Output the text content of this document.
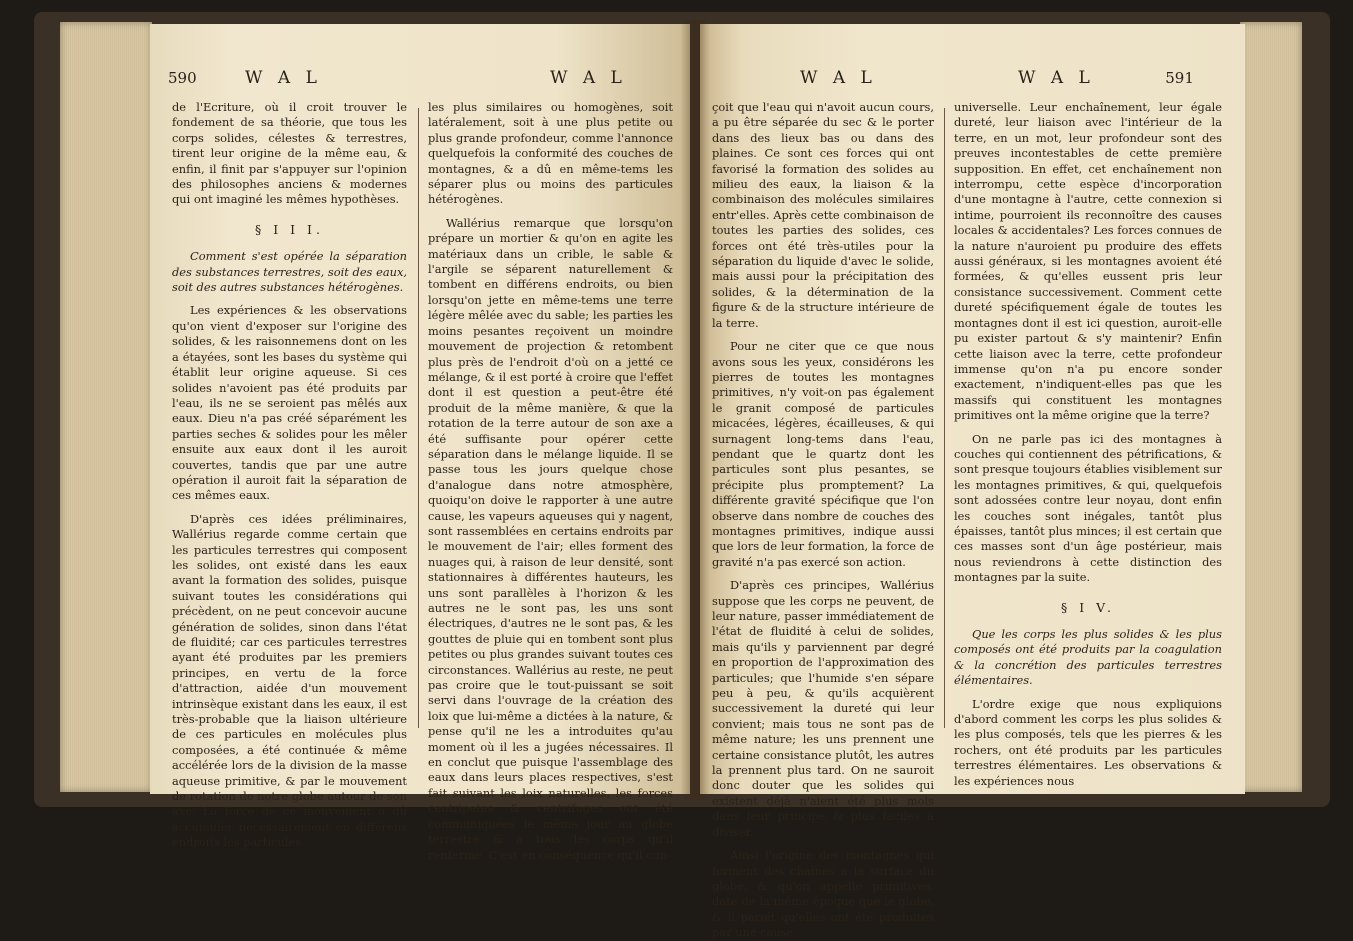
590	W A L	W A L

de l'Ecriture, où il croit trouver le fondement de sa théorie, que tous les corps solides, célestes & terrestres, tirent leur origine de la même eau, & enfin, il finit par s'appuyer sur l'opinion des philosophes anciens & modernes qui ont imaginé les mêmes hypothèses.

§ I I I.

Comment s'est opérée la séparation des substances terrestres, soit des eaux, soit des autres substances hétérogènes.

Les expériences & les observations qu'on vient d'exposer sur l'origine des solides, & les raisonnemens dont on les a étayées, sont les bases du système qui établit leur origine aqueuse. Si ces solides n'avoient pas été produits par l'eau, ils ne se seroient pas mêlés aux eaux. Dieu n'a pas créé séparément les parties seches & solides pour les mêler ensuite aux eaux dont il les auroit couvertes, tandis que par une autre opération il auroit fait la séparation de ces mêmes eaux.

D'après ces idées préliminaires, Wallérius regarde comme certain que les particules terrestres qui composent les solides, ont existé dans les eaux avant la formation des solides, puisque suivant toutes les considérations qui précèdent, on ne peut concevoir aucune génération de solides, sinon dans l'état de fluidité; car ces particules terrestres ayant été produites par les premiers principes, en vertu de la force d'attraction, aidée d'un mouvement intrinsèque existant dans les eaux, il est très-probable que la liaison ultérieure de ces particules en molécules plus composées, a été continuée & même accélérée lors de la division de la masse aqueuse primitive, & par le mouvement de rotation de notre globe autour de son axe. La force de ce mouvement a dû accumuler nécessairement en différens endroits les particules

les plus similaires ou homogènes, soit latéralement, soit à une plus petite ou plus grande profondeur, comme l'annonce quelquefois la conformité des couches de montagnes, & a dû en même-tems les séparer plus ou moins des particules hétérogènes.

Wallérius remarque que lorsqu'on prépare un mortier & qu'on en agite les matériaux dans un crible, le sable & l'argile se séparent naturellement & tombent en différens endroits, ou bien lorsqu'on jette en même-tems une terre légère mêlée avec du sable; les parties les moins pesantes reçoivent un moindre mouvement de projection & retombent plus près de l'endroit d'où on a jetté ce mélange, & il est porté à croire que l'effet dont il est question a peut-être été produit de la même manière, & que la rotation de la terre autour de son axe a été suffisante pour opérer cette séparation dans le mélange liquide. Il se passe tous les jours quelque chose d'analogue dans notre atmosphère, quoiqu'on doive le rapporter à une autre cause, les vapeurs aqueuses qui y nagent, sont rassemblées en certains endroits par le mouvement de l'air; elles forment des nuages qui, à raison de leur densité, sont stationnaires à différentes hauteurs, les uns sont parallèles à l'horizon & les autres ne le sont pas, les uns sont électriques, d'autres ne le sont pas, & les gouttes de pluie qui en tombent sont plus petites ou plus grandes suivant toutes ces circonstances. Wallérius au reste, ne peut pas croire que le tout-puissant se soit servi dans l'ouvrage de la création des loix que lui-même a dictées à la nature, & pense qu'il ne les a introduites qu'au moment où il les a jugées nécessaires. Il en conclut que puisque l'assemblage des eaux dans leurs places respectives, s'est fait suivant les loix naturelles, les forces centripetes & centrifuges ont été communiquées le même jour au globe terrestre & à tous les corps qu'il renferme. C'est en conséquence qu'il con-

W A L	W A L	591

çoit que l'eau qui n'avoit aucun cours, a pu être séparée du sec & le porter dans des lieux bas ou dans des plaines. Ce sont ces forces qui ont favorisé la formation des solides au milieu des eaux, la liaison & la combinaison des molécules similaires entr'elles. Après cette combinaison de toutes les parties des solides, ces forces ont été très-utiles pour la séparation du liquide d'avec le solide, mais aussi pour la précipitation des solides, & la détermination de la figure & de la structure intérieure de la terre.

Pour ne citer que ce que nous avons sous les yeux, considérons les pierres de toutes les montagnes primitives, n'y voit-on pas également le granit composé de particules micacées, légères, écailleuses, & qui surnagent long-tems dans l'eau, pendant que le quartz dont les particules sont plus pesantes, se précipite plus promptement? La différente gravité spécifique que l'on observe dans nombre de couches des montagnes primitives, indique aussi que lors de leur formation, la force de gravité n'a pas exercé son action.

D'après ces principes, Wallérius suppose que les corps ne peuvent, de leur nature, passer immédiatement de l'état de fluidité à celui de solides, mais qu'ils y parviennent par degré en proportion de l'approximation des particules; que l'humide s'en sépare peu à peu, & qu'ils acquièrent successivement la dureté qui leur convient; mais tous ne sont pas de même nature; les uns prennent une certaine consistance plutôt, les autres la prennent plus tard. On ne sauroit donc douter que les solides qui existent déjà n'aient été plus mols dans leur principe & plus faciles à diviser.

Ainsi l'origine des montagnes qui forment des chaînes à la surface du globe, & qu'on appelle primitives, date de la même époque que le globe, & il paroît qu'elles ont été produites par une cause

universelle. Leur enchaînement, leur égale dureté, leur liaison avec l'intérieur de la terre, en un mot, leur profondeur sont des preuves incontestables de cette première supposition. En effet, cet enchaînement non interrompu, cette espèce d'incorporation d'une montagne à l'autre, cette connexion si intime, pourroient ils reconnoître des causes locales & accidentales? Les forces connues de la nature n'auroient pu produire des effets aussi généraux, si les montagnes avoient été formées, & qu'elles eussent pris leur consistance successivement. Comment cette dureté spécifiquement égale de toutes les montagnes dont il est ici question, auroit-elle pu exister partout & s'y maintenir? Enfin cette liaison avec la terre, cette profondeur immense qu'on n'a pu encore sonder exactement, n'indiquent-elles pas que les massifs qui constituent les montagnes primitives ont la même origine que la terre?

On ne parle pas ici des montagnes à couches qui contiennent des pétrifications, & sont presque toujours établies visiblement sur les montagnes primitives, & qui, quelquefois sont adossées contre leur noyau, dont enfin les couches sont inégales, tantôt plus épaisses, tantôt plus minces; il est certain que ces masses sont d'un âge postérieur, mais nous reviendrons à cette distinction des montagnes par la suite.

§ I V.

Que les corps les plus solides & les plus composés ont été produits par la coagulation & la concrétion des particules terrestres élémentaires.

L'ordre exige que nous expliquions d'abord comment les corps les plus solides & les plus composés, tels que les pierres & les rochers, ont été produits par les particules terrestres élémentaires. Les observations & les expériences nous
